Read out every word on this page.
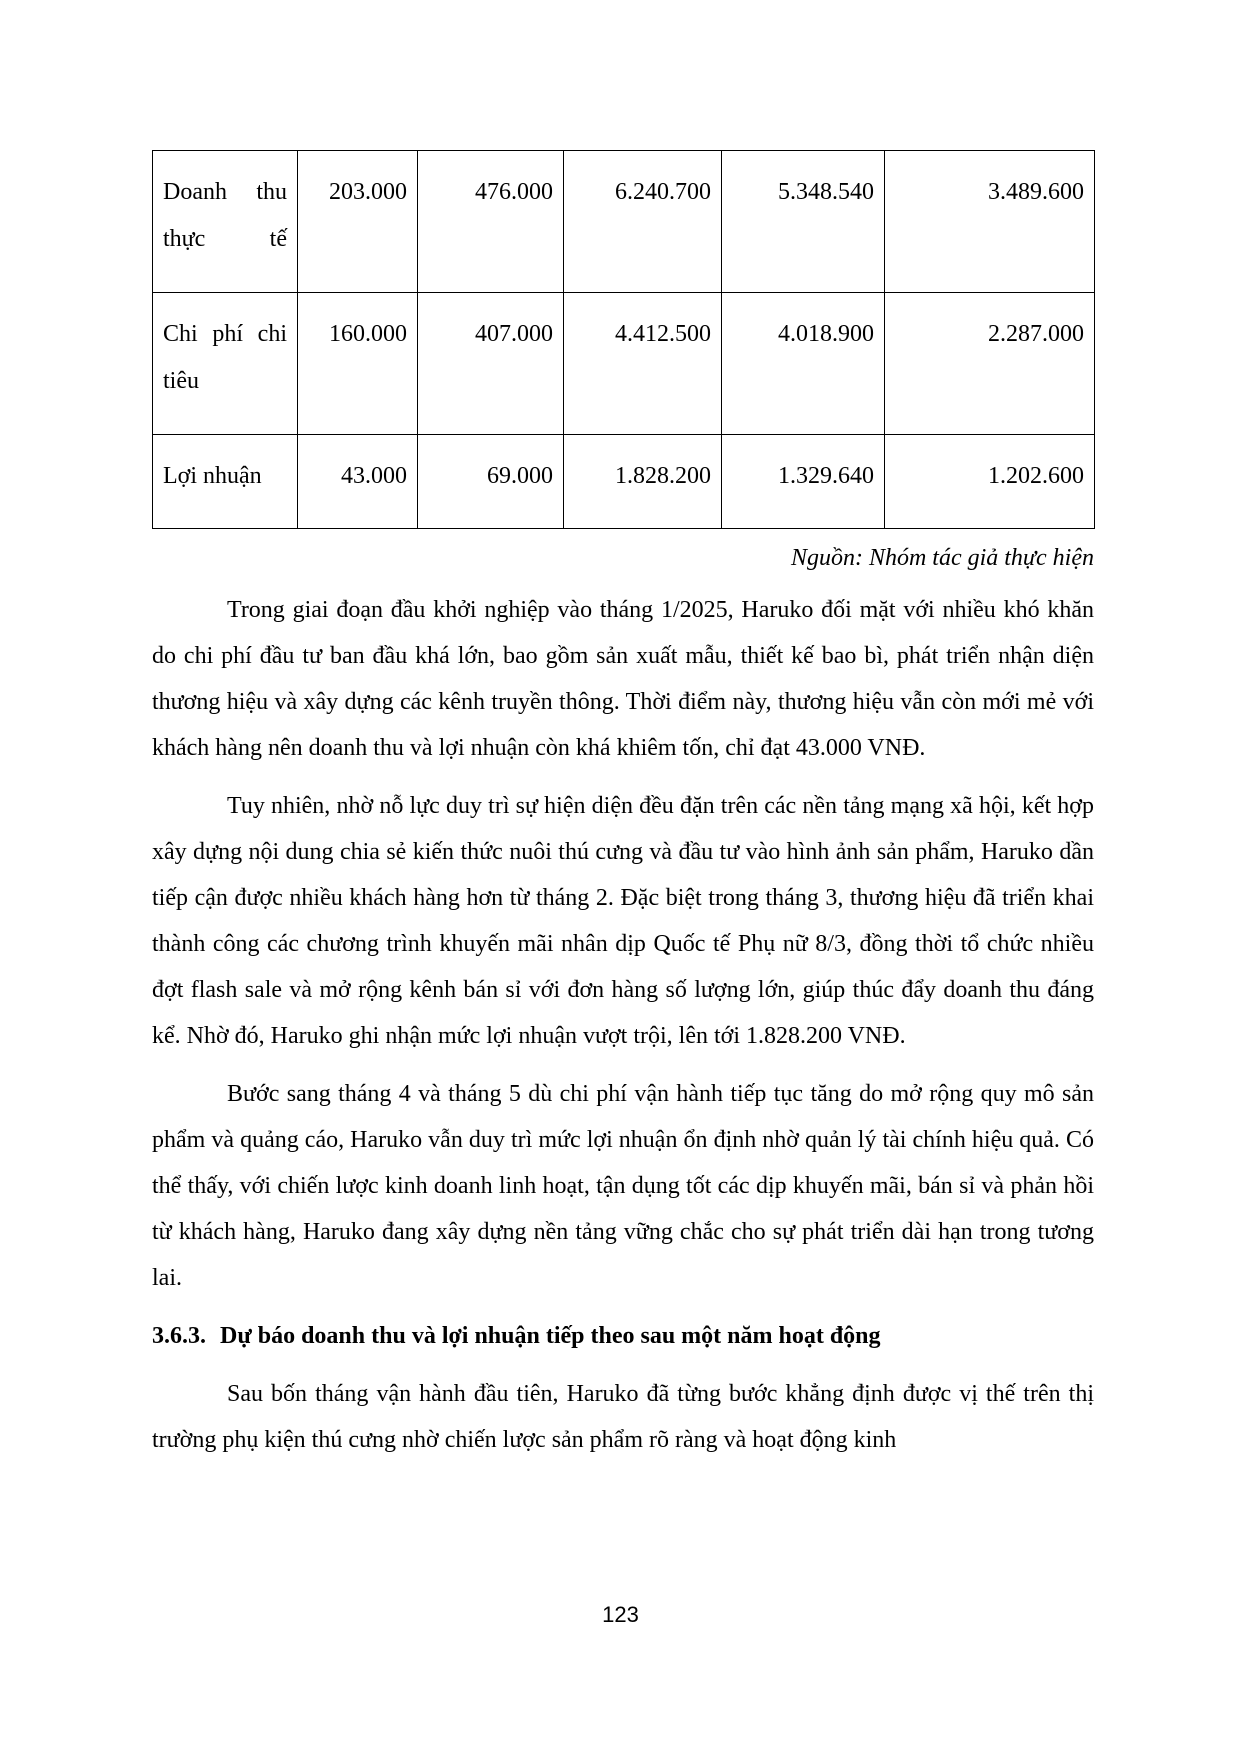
Doanh thu thực tế	203.000	476.000	6.240.700	5.348.540	3.489.600
Chi phí chi tiêu	160.000	407.000	4.412.500	4.018.900	2.287.000
Lợi nhuận	43.000	69.000	1.828.200	1.329.640	1.202.600
Nguồn: Nhóm tác giả thực hiện

Trong giai đoạn đầu khởi nghiệp vào tháng 1/2025, Haruko đối mặt với nhiều khó khăn do chi phí đầu tư ban đầu khá lớn, bao gồm sản xuất mẫu, thiết kế bao bì, phát triển nhận diện thương hiệu và xây dựng các kênh truyền thông. Thời điểm này, thương hiệu vẫn còn mới mẻ với khách hàng nên doanh thu và lợi nhuận còn khá khiêm tốn, chỉ đạt 43.000 VNĐ.

Tuy nhiên, nhờ nỗ lực duy trì sự hiện diện đều đặn trên các nền tảng mạng xã hội, kết hợp xây dựng nội dung chia sẻ kiến thức nuôi thú cưng và đầu tư vào hình ảnh sản phẩm, Haruko dần tiếp cận được nhiều khách hàng hơn từ tháng 2. Đặc biệt trong tháng 3, thương hiệu đã triển khai thành công các chương trình khuyến mãi nhân dịp Quốc tế Phụ nữ 8/3, đồng thời tổ chức nhiều đợt flash sale và mở rộng kênh bán sỉ với đơn hàng số lượng lớn, giúp thúc đẩy doanh thu đáng kể. Nhờ đó, Haruko ghi nhận mức lợi nhuận vượt trội, lên tới 1.828.200 VNĐ.

Bước sang tháng 4 và tháng 5 dù chi phí vận hành tiếp tục tăng do mở rộng quy mô sản phẩm và quảng cáo, Haruko vẫn duy trì mức lợi nhuận ổn định nhờ quản lý tài chính hiệu quả. Có thể thấy, với chiến lược kinh doanh linh hoạt, tận dụng tốt các dịp khuyến mãi, bán sỉ và phản hồi từ khách hàng, Haruko đang xây dựng nền tảng vững chắc cho sự phát triển dài hạn trong tương lai.

3.6.3. Dự báo doanh thu và lợi nhuận tiếp theo sau một năm hoạt động

Sau bốn tháng vận hành đầu tiên, Haruko đã từng bước khẳng định được vị thế trên thị trường phụ kiện thú cưng nhờ chiến lược sản phẩm rõ ràng và hoạt động kinh

123
